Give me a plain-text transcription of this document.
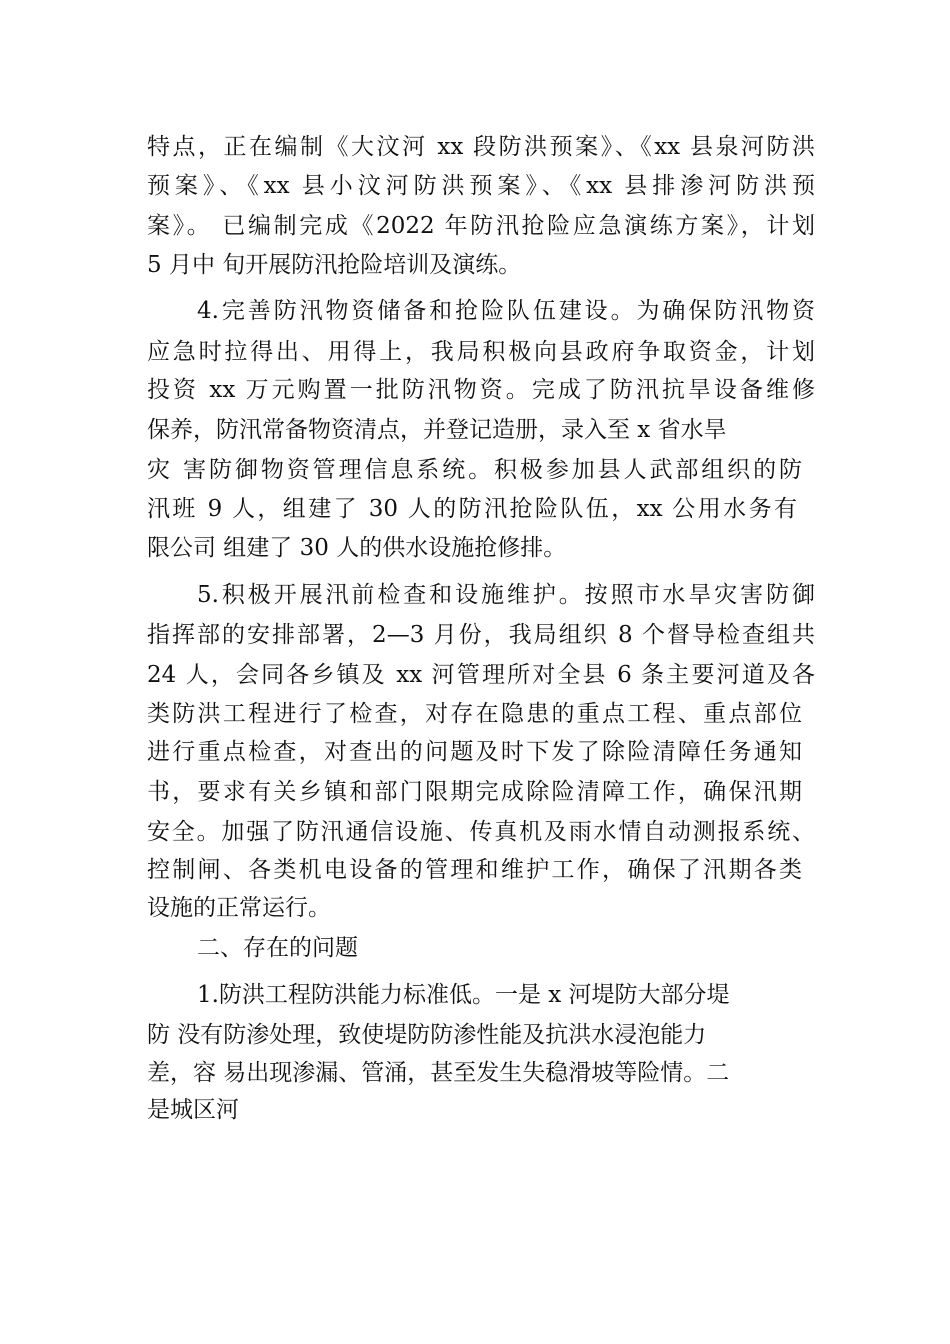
特点，正在编制《大汶河 xx 段防洪预案》、《xx 县泉河防洪
预案》、《xx 县小汶河防洪预案》、《xx 县排渗河防洪预
案》。 已编制完成《2022 年防汛抢险应急演练方案》，计划
5 月中 旬开展防汛抢险培训及演练。
4.完善防汛物资储备和抢险队伍建设。为确保防汛物资
应急时拉得出、用得上，我局积极向县政府争取资金，计划
投资 xx 万元购置一批防汛物资。完成了防汛抗旱设备维修
保养，防汛常备物资清点，并登记造册，录入至 x 省水旱
灾 害防御物资管理信息系统。积极参加县人武部组织的防
汛班 9 人，组建了 30 人的防汛抢险队伍，xx 公用水务有
限公司 组建了 30 人的供水设施抢修排。
5.积极开展汛前检查和设施维护。按照市水旱灾害防御
指挥部的安排部署，2—3 月份，我局组织 8 个督导检查组共
24 人，会同各乡镇及 xx 河管理所对全县 6 条主要河道及各
类防洪工程进行了检查，对存在隐患的重点工程、重点部位
进行重点检查，对查出的问题及时下发了除险清障任务通知
书，要求有关乡镇和部门限期完成除险清障工作，确保汛期
安全。加强了防汛通信设施、传真机及雨水情自动测报系统、
控制闸、各类机电设备的管理和维护工作，确保了汛期各类
设施的正常运行。
二、存在的问题
1.防洪工程防洪能力标准低。一是 x 河堤防大部分堤
防 没有防渗处理，致使堤防防渗性能及抗洪水浸泡能力
差，容 易出现渗漏、管涌，甚至发生失稳滑坡等险情。二
是城区河
